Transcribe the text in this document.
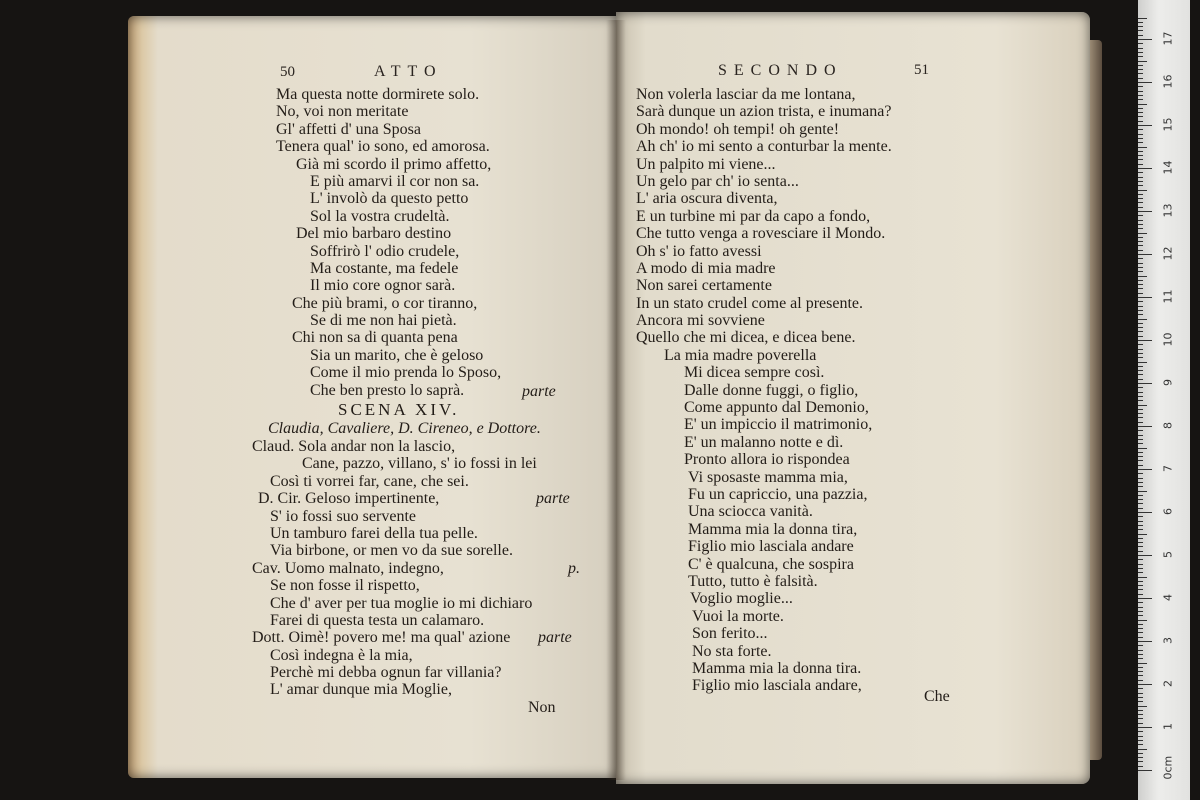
50	ATTO
Ma questa notte dormirete solo.
No, voi non meritate
Gl' affetti d' una Sposa
Tenera qual' io sono, ed amorosa.
Già mi scordo il primo affetto,
E più amarvi il cor non sa.
L' involò da questo petto
Sol la vostra crudeltà.
Del mio barbaro destino
Soffrirò l' odio crudele,
Ma costante, ma fedele
Il mio core ognor sarà.
Che più brami, o cor tiranno,
Se di me non hai pietà.
Chi non sa di quanta pena
Sia un marito, che è geloso
Come il mio prenda lo Sposo,
Che ben presto lo saprà.	parte
SCENA XIV.
Claudia, Cavaliere, D. Cireneo, e Dottore.
Claud. Sola andar non la lascio,
Cane, pazzo, villano, s' io fossi in lei
Così ti vorrei far, cane, che sei.
D. Cir. Geloso impertinente,
S' io fossi suo servente
Un tamburo farei della tua pelle.
Via birbone, or men vo da sue sorelle.
Cav. Uomo malnato, indegno,
Se non fosse il rispetto,
Che d' aver per tua moglie io mi dichiaro
Farei di questa testa un calamaro.
Dott. Oimè! povero me! ma qual' azione
Così indegna è la mia,
Perchè mi debba ognun far villania?
L' amar dunque mia Moglie,
parte
p.
parte
Non
SECONDO	51
Non volerla lasciar da me lontana,
Sarà dunque un azion trista, e inumana?
Oh mondo! oh tempi! oh gente!
Ah ch' io mi sento a conturbar la mente.
Un palpito mi viene...
Un gelo par ch' io senta...
L' aria oscura diventa,
E un turbine mi par da capo a fondo,
Che tutto venga a rovesciare il Mondo.
Oh s' io fatto avessi
A modo di mia madre
Non sarei certamente
In un stato crudel come al presente.
Ancora mi sovviene
Quello che mi dicea, e dicea bene.
La mia madre poverella
Mi dicea sempre così.
Dalle donne fuggi, o figlio,
Come appunto dal Demonio,
E' un impiccio il matrimonio,
E' un malanno notte e dì.
Pronto allora io rispondea
Vi sposaste mamma mia,
Fu un capriccio, una pazzia,
Una sciocca vanità.
Mamma mia la donna tira,
Figlio mio lasciala andare
C' è qualcuna, che sospira
Tutto, tutto è falsità.
Voglio moglie...
Vuoi la morte.
Son ferito...
No sta forte.
Mamma mia la donna tira.
Figlio mio lasciala andare,
Che
0cm
1
2
3
4
5
6
7
8
9
10
11
12
13
14
15
16
17
